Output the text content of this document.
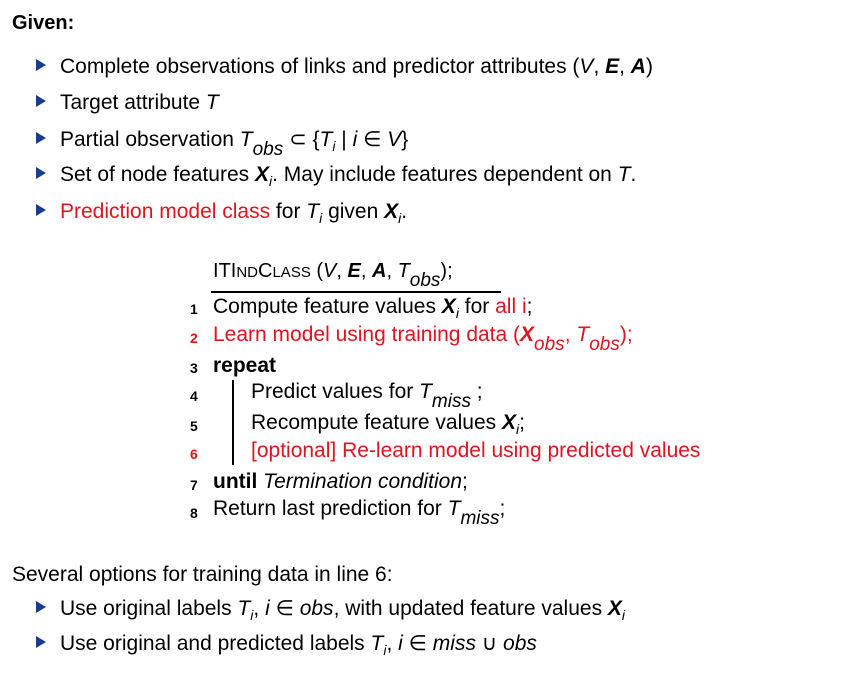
Given:
Complete observations of links and predictor attributes (V, E, A)
Target attribute T
Partial observation Tobs ⊂ {$T_i$ | i ∈ V}
Set of node features $X_i$. May include features dependent on T.
Prediction model class for $T_i$ given $X_i$.
ITINDCLASS (V, E, A, Tobs);
1 Compute feature values $X_i$ for all i;
2 Learn model using training data (Xobs, Tobs);
3 repeat
4	Predict values for Tmiss ;
5	Recompute feature values $X_i$;
6	[optional] Re-learn model using predicted values
7 until Termination condition;
8 Return last prediction for Tmiss;
Several options for training data in line 6:
Use original labels $T_i$, i ∈ obs, with updated feature values $X_i$
Use original and predicted labels $T_i$, i ∈ miss ∪ obs
